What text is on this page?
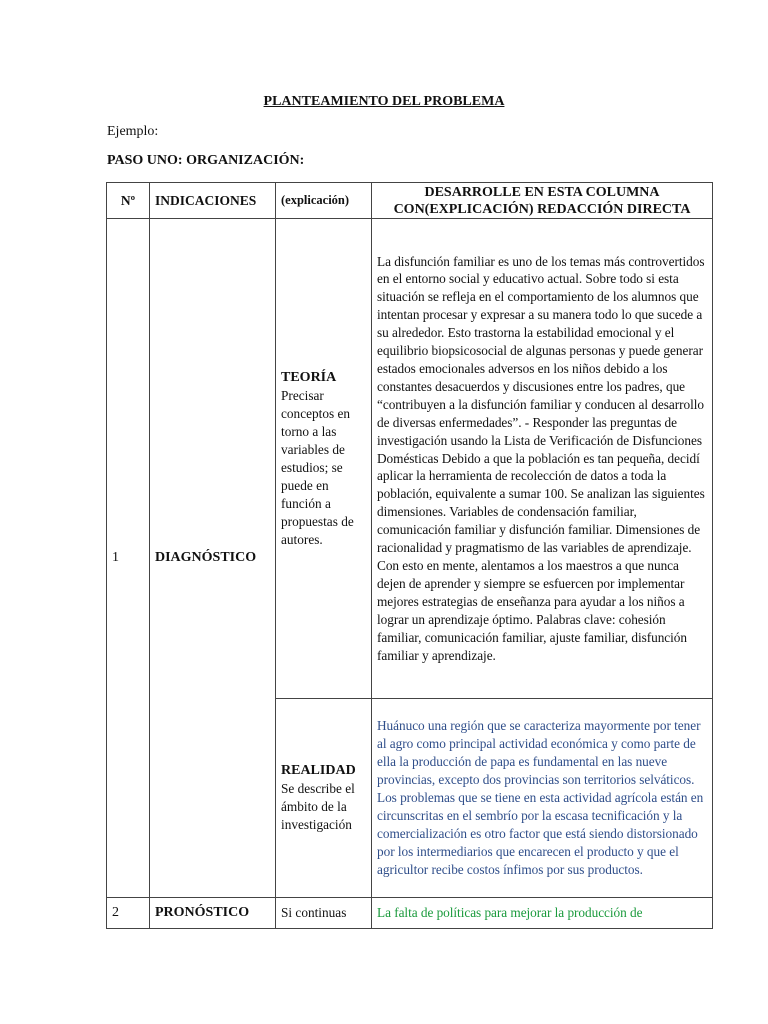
PLANTEAMIENTO DEL PROBLEMA
Ejemplo:
PASO UNO: ORGANIZACIÓN:
Nº	INDICACIONES	(explicación)	DESARROLLE EN ESTA COLUMNA CON(EXPLICACIÓN) REDACCIÓN DIRECTA
1	DIAGNÓSTICO	TEORÍA
Precisar conceptos en torno a las variables de estudios; se puede en función a propuestas de autores.	La disfunción familiar es uno de los temas más controvertidos en el entorno social y educativo actual. Sobre todo si esta situación se refleja en el comportamiento de los alumnos que intentan procesar y expresar a su manera todo lo que sucede a su alrededor. Esto trastorna la estabilidad emocional y el equilibrio biopsicosocial de algunas personas y puede generar estados emocionales adversos en los niños debido a los constantes desacuerdos y discusiones entre los padres, que “contribuyen a la disfunción familiar y conducen al desarrollo de diversas enfermedades”. - Responder las preguntas de investigación usando la Lista de Verificación de Disfunciones Domésticas Debido a que la población es tan pequeña, decidí aplicar la herramienta de recolección de datos a toda la población, equivalente a sumar 100. Se analizan las siguientes dimensiones. Variables de condensación familiar, comunicación familiar y disfunción familiar. Dimensiones de racionalidad y pragmatismo de las variables de aprendizaje. Con esto en mente, alentamos a los maestros a que nunca dejen de aprender y siempre se esfuercen por implementar mejores estrategias de enseñanza para ayudar a los niños a lograr un aprendizaje óptimo. Palabras clave: cohesión familiar, comunicación familiar, ajuste familiar, disfunción familiar y aprendizaje.

		REALIDAD
Se describe el ámbito de la investigación	Huánuco una región que se caracteriza mayormente por tener al agro como principal actividad económica y como parte de ella la producción de papa es fundamental en las nueve provincias, excepto dos provincias son territorios selváticos. Los problemas que se tiene en esta actividad agrícola están en circunscritas en el sembrío por la escasa tecnificación y la comercialización es otro factor que está siendo distorsionado por los intermediarios que encarecen el producto y que el agricultor recibe costos ínfimos por sus productos.
2	PRONÓSTICO	Si continuas	La falta de políticas para mejorar la producción de
